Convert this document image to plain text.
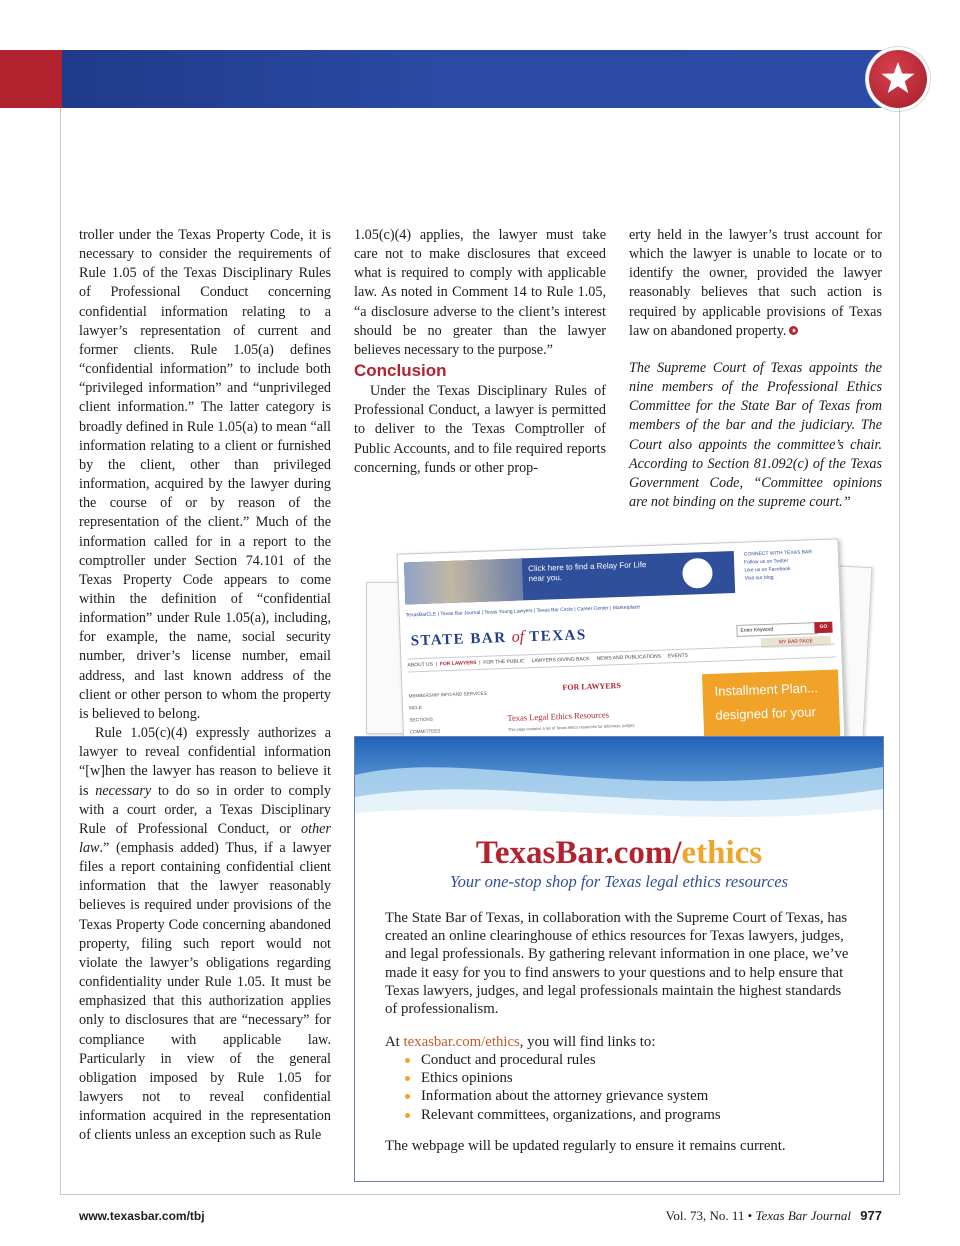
troller under the Texas Property Code, it is necessary to consider the requirements of Rule 1.05 of the Texas Disciplinary Rules of Professional Conduct concerning confidential information relating to a lawyer’s representation of current and former clients. Rule 1.05(a) defines “confidential information” to include both “privileged information” and “unprivileged client information.” The latter category is broadly defined in Rule 1.05(a) to mean “all information relating to a client or furnished by the client, other than privileged information, acquired by the lawyer during the course of or by reason of the representation of the client.” Much of the information called for in a report to the comptroller under Section 74.101 of the Texas Property Code appears to come within the definition of “confidential information” under Rule 1.05(a), including, for example, the name, social security number, driver’s license number, email address, and last known address of the client or other person to whom the property is believed to belong.

Rule 1.05(c)(4) expressly authorizes a lawyer to reveal confidential information “[w]hen the lawyer has reason to believe it is necessary to do so in order to comply with a court order, a Texas Disciplinary Rule of Professional Conduct, or other law.” (emphasis added) Thus, if a lawyer files a report containing confidential client information that the lawyer reasonably believes is required under provisions of the Texas Property Code concerning abandoned property, filing such report would not violate the lawyer’s obligations regarding confidentiality under Rule 1.05. It must be emphasized that this authorization applies only to disclosures that are “necessary” for compliance with applicable law. Particularly in view of the general obligation imposed by Rule 1.05 for lawyers not to reveal confidential information acquired in the representation of clients unless an exception such as Rule

1.05(c)(4) applies, the lawyer must take care not to make disclosures that exceed what is required to comply with applicable law. As noted in Comment 14 to Rule 1.05, “a disclosure adverse to the client’s interest should be no greater than the lawyer believes necessary to the purpose.”

Conclusion

Under the Texas Disciplinary Rules of Professional Conduct, a lawyer is permitted to deliver to the Texas Comptroller of Public Accounts, and to file required reports concerning, funds or other prop-

erty held in the lawyer’s trust account for which the lawyer is unable to locate or to identify the owner, provided the lawyer reasonably believes that such action is required by applicable provisions of Texas law on abandoned property.

The Supreme Court of Texas appoints the nine members of the Professional Ethics Committee for the State Bar of Texas from members of the bar and the judiciary. The Court also appoints the committee’s chair. According to Section 81.092(c) of the Texas Government Code, “Committee opinions are not binding on the supreme court.”

Click here to find a Relay For Life near you.
CONNECT WITH TEXAS BAR
Follow us on Twitter
Like us on Facebook
Visit our blog
TexasBarCLE | Texas Bar Journal | Texas Young Lawyers | Texas Bar Circle | Career Center | Marketplace
STATE BAR of TEXAS	Enter Keyword	GO
MY BAR PAGE
ABOUT US  |  FOR LAWYERS  |  FOR THE PUBLIC LAWYERS GIVING BACK NEWS AND PUBLICATIONS EVENTS
MEMBERSHIP INFO AND SERVICES
MCLE
SECTIONS
COMMITTEES
FOR LAWYERS
Texas Legal Ethics Resources
This page contains a list of Texas ethics resources for attorneys, judges,
Installment Plan...
designed for your
TexasBar.com/ethics
Your one-stop shop for Texas legal ethics resources

The State Bar of Texas, in collaboration with the Supreme Court of Texas, has created an online clearinghouse of ethics resources for Texas lawyers, judges, and legal professionals. By gathering relevant information in one place, we’ve made it easy for you to find answers to your questions and to help ensure that Texas lawyers, judges, and legal professionals maintain the highest standards of professionalism.

At texasbar.com/ethics, you will find links to:
Conduct and procedural rules
Ethics opinions
Information about the attorney grievance system
Relevant committees, organizations, and programs
The webpage will be updated regularly to ensure it remains current.
www.texasbar.com/tbj	Vol. 73, No. 11 • Texas Bar Journal 977
